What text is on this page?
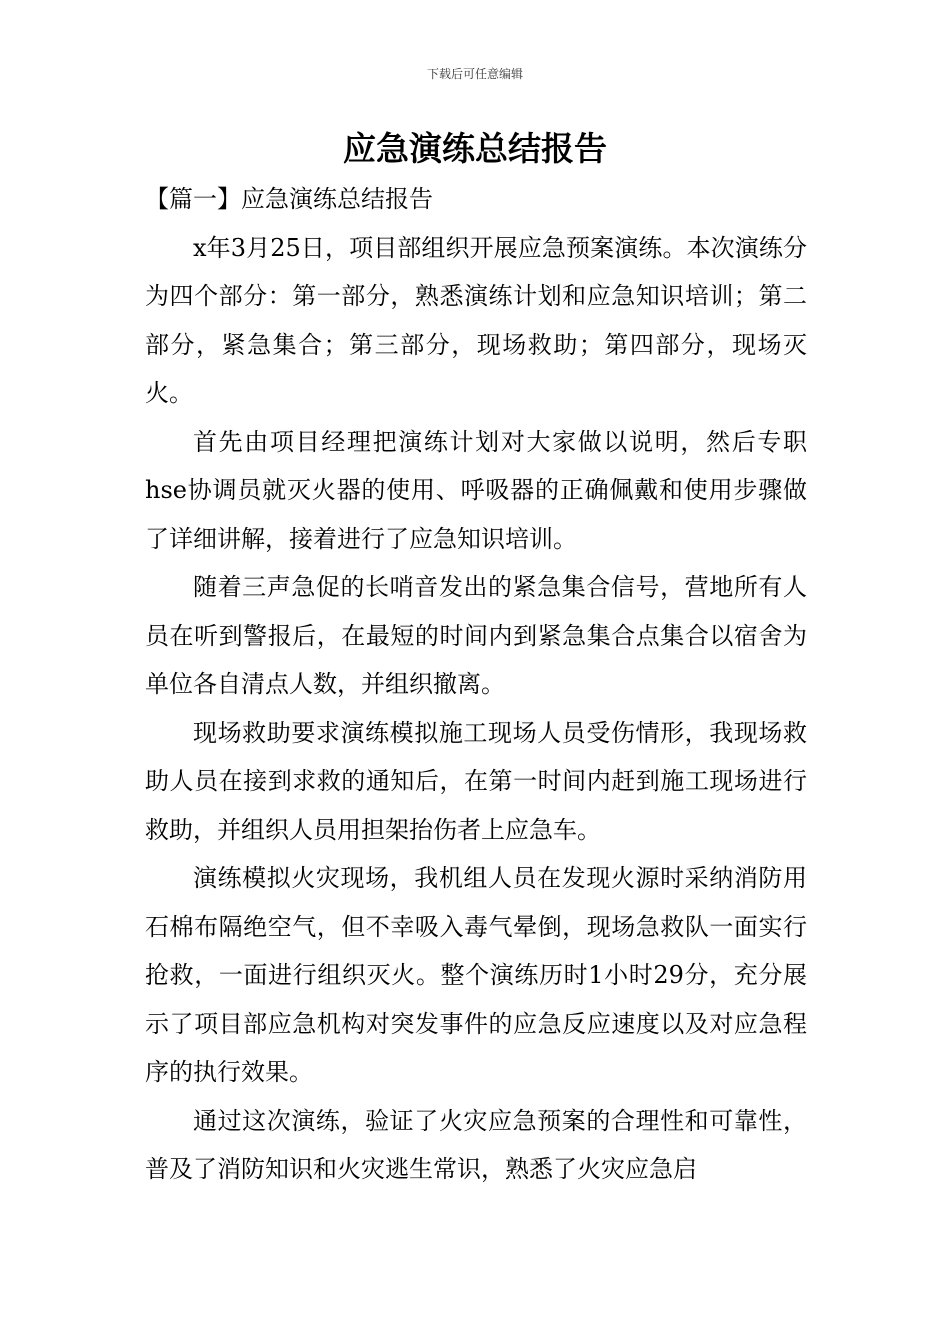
下载后可任意编辑
应急演练总结报告

【篇一】应急演练总结报告

x年3月25日，项目部组织开展应急预案演练。本次演练分为四个部分：第一部分，熟悉演练计划和应急知识培训；第二部分，紧急集合；第三部分，现场救助；第四部分，现场灭火。

首先由项目经理把演练计划对大家做以说明，然后专职hse协调员就灭火器的使用、呼吸器的正确佩戴和使用步骤做了详细讲解，接着进行了应急知识培训。

随着三声急促的长哨音发出的紧急集合信号，营地所有人员在听到警报后，在最短的时间内到紧急集合点集合以宿舍为单位各自清点人数，并组织撤离。

现场救助要求演练模拟施工现场人员受伤情形，我现场救助人员在接到求救的通知后，在第一时间内赶到施工现场进行救助，并组织人员用担架抬伤者上应急车。

演练模拟火灾现场，我机组人员在发现火源时采纳消防用石棉布隔绝空气，但不幸吸入毒气晕倒，现场急救队一面实行抢救，一面进行组织灭火。整个演练历时1小时29分，充分展示了项目部应急机构对突发事件的应急反应速度以及对应急程序的执行效果。

通过这次演练，验证了火灾应急预案的合理性和可靠性，普及了消防知识和火灾逃生常识，熟悉了火灾应急启
